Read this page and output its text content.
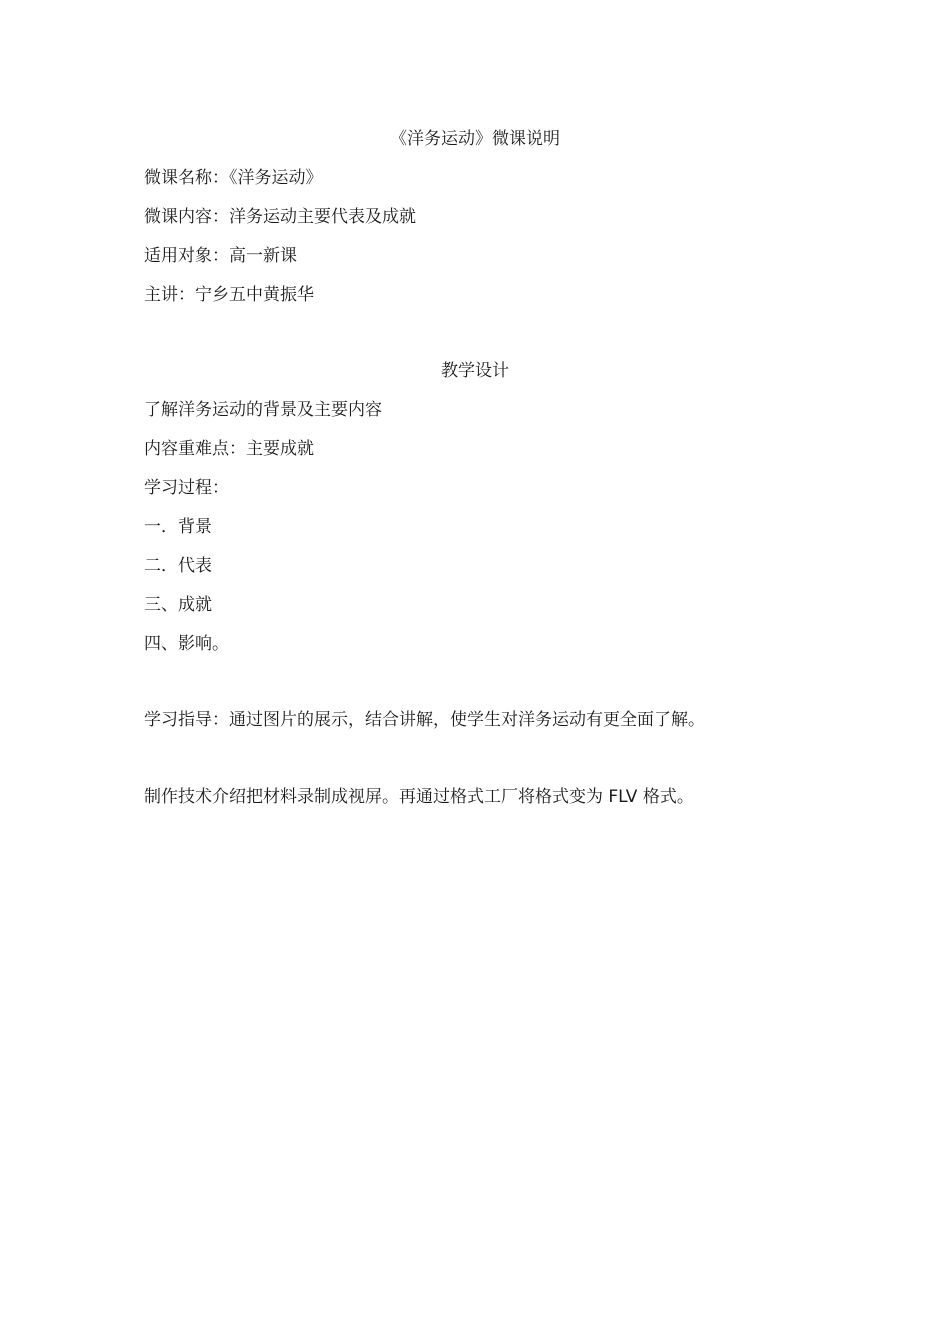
《洋务运动》微课说明
微课名称：《洋务运动》
微课内容：洋务运动主要代表及成就
适用对象：高一新课
主讲：宁乡五中黄振华
教学设计
了解洋务运动的背景及主要内容
内容重难点：主要成就
学习过程：
一．背景
二．代表
三、成就
四、影响。
学习指导：通过图片的展示，结合讲解，使学生对洋务运动有更全面了解。
制作技术介绍把材料录制成视屏。再通过格式工厂将格式变为 FLV 格式。
